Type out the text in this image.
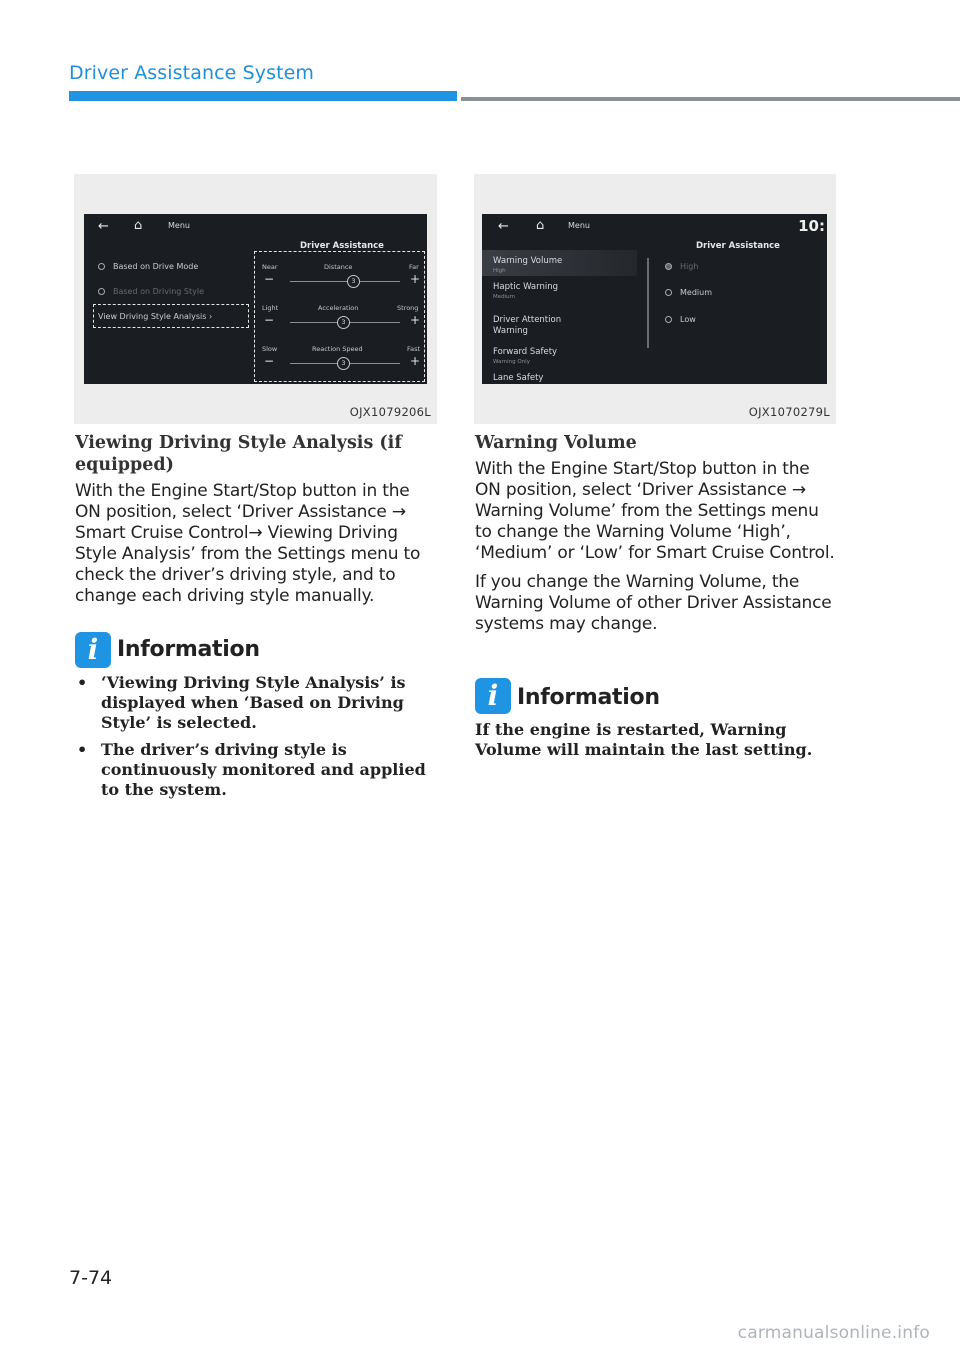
Driver Assistance System
← ⌂	Menu
Driver Assistance
Based on Drive Mode
Based on Driving Style
View Driving Style Analysis ›
Near	Distance	Far
−	3	+
Light	Acceleration	Strong
−	3	+
Slow	Reaction Speed	Fast
−	3	+
OJX1079206L
← ⌂	Menu	10:
Driver Assistance
Warning Volume
High
Haptic Warning
Medium
Driver Attention
Warning
Forward Safety
Warning Only
Lane Safety
High
Medium
Low
OJX1070279L
Viewing Driving Style Analysis (if
equipped)
With the Engine Start/Stop button in the ON position, select ‘Driver Assistance → Smart Cruise Control→ Viewing Driving Style Analysis’ from the Settings menu to check the driver’s driving style, and to change each driving style manually.
i Information
• ‘Viewing Driving Style Analysis’ is displayed when ‘Based on Driving Style’ is selected.
• The driver’s driving style is continuously monitored and applied to the system.
Warning Volume

With the Engine Start/Stop button in the ON position, select ‘Driver Assistance → Warning Volume’ from the Settings menu to change the Warning Volume ‘High’, ‘Medium’ or ‘Low’ for Smart Cruise Control.

If you change the Warning Volume, the Warning Volume of other Driver Assistance systems may change.

i Information
If the engine is restarted, Warning Volume will maintain the last setting.
7-74
carmanualsonline.info
